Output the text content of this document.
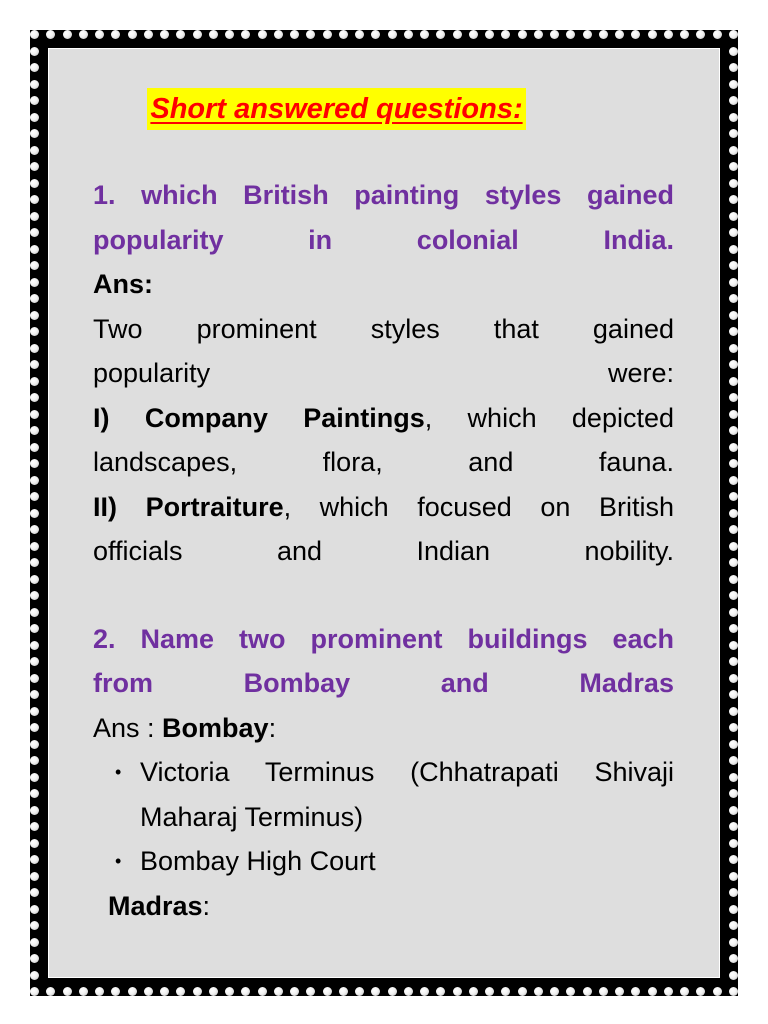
Short answered questions:
1. which British painting styles gained
popularity	in	colonial	India.
Ans:
Two prominent styles that gained
popularity	were:
I) Company Paintings, which depicted
landscapes, flora, and fauna.
II) Portraiture, which focused on British
officials and Indian nobility.
2. Name two prominent buildings each
from	Bombay	and	Madras
Ans : Bombay:
• Victoria Terminus (Chhatrapati Shivaji
Maharaj Terminus)
• Bombay High Court
Madras:
